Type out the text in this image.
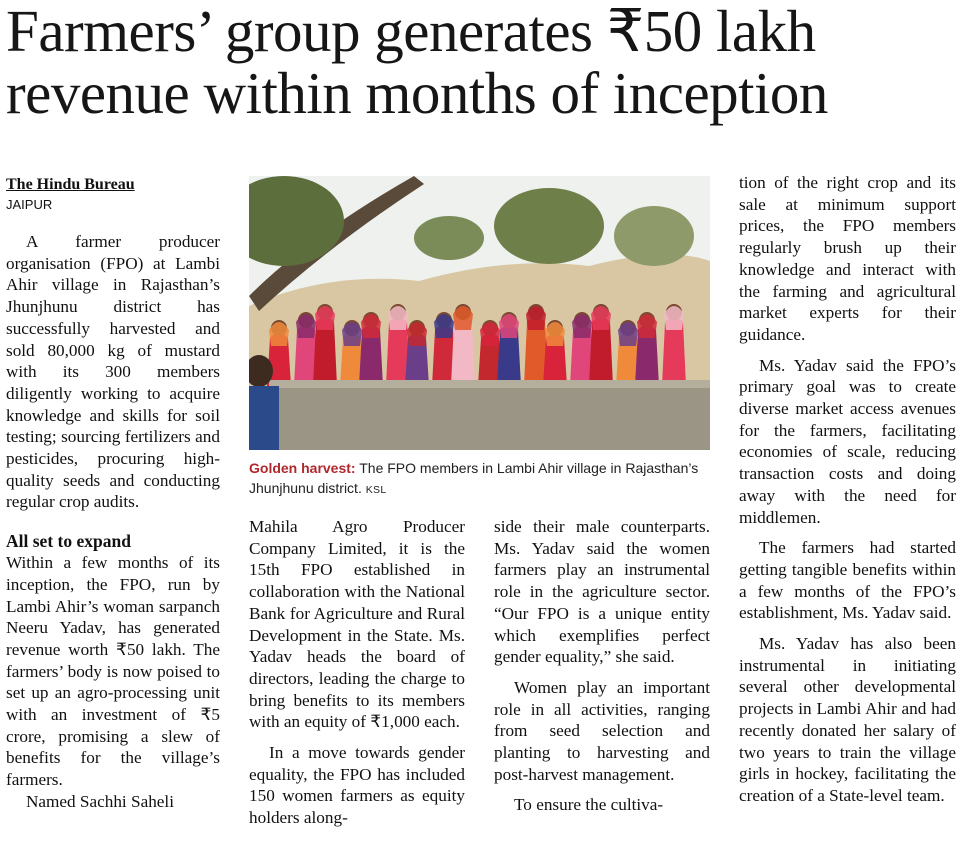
Farmers’ group generates ₹50 lakh revenue within months of inception
The Hindu Bureau
JAIPUR

A farmer producer organisation (FPO) at Lambi Ahir village in Rajasthan’s Jhunjhunu district has successfully harvested and sold 80,000 kg of mustard with its 300 members diligently working to acquire knowledge and skills for soil testing; sourcing fertilizers and pesticides, procuring high-quality seeds and conducting regular crop audits.

All set to expand

Within a few months of its inception, the FPO, run by Lambi Ahir’s woman sarpanch Neeru Yadav, has generated revenue worth ₹50 lakh. The farmers’ body is now poised to set up an agro-processing unit with an investment of ₹5 crore, promising a slew of benefits for the village’s farmers.

Named Sachhi Saheli

Golden harvest: The FPO members in Lambi Ahir village in Rajasthan’s Jhunjhunu district. KSL

Mahila Agro Producer Company Limited, it is the 15th FPO established in collaboration with the National Bank for Agriculture and Rural Development in the State. Ms. Yadav heads the board of directors, leading the charge to bring benefits to its members with an equity of ₹1,000 each.

In a move towards gender equality, the FPO has included 150 women farmers as equity holders along-

side their male counterparts. Ms. Yadav said the women farmers play an instrumental role in the agriculture sector. “Our FPO is a unique entity which exemplifies perfect gender equality,” she said.

Women play an important role in all activities, ranging from seed selection and planting to harvesting and post-harvest management.

To ensure the cultiva-

tion of the right crop and its sale at minimum support prices, the FPO members regularly brush up their knowledge and interact with the farming and agricultural market experts for their guidance.

Ms. Yadav said the FPO’s primary goal was to create diverse market access avenues for the farmers, facilitating economies of scale, reducing transaction costs and doing away with the need for middlemen.

The farmers had started getting tangible benefits within a few months of the FPO’s establishment, Ms. Yadav said.

Ms. Yadav has also been instrumental in initiating several other developmental projects in Lambi Ahir and had recently donated her salary of two years to train the village girls in hockey, facilitating the creation of a State-level team.
